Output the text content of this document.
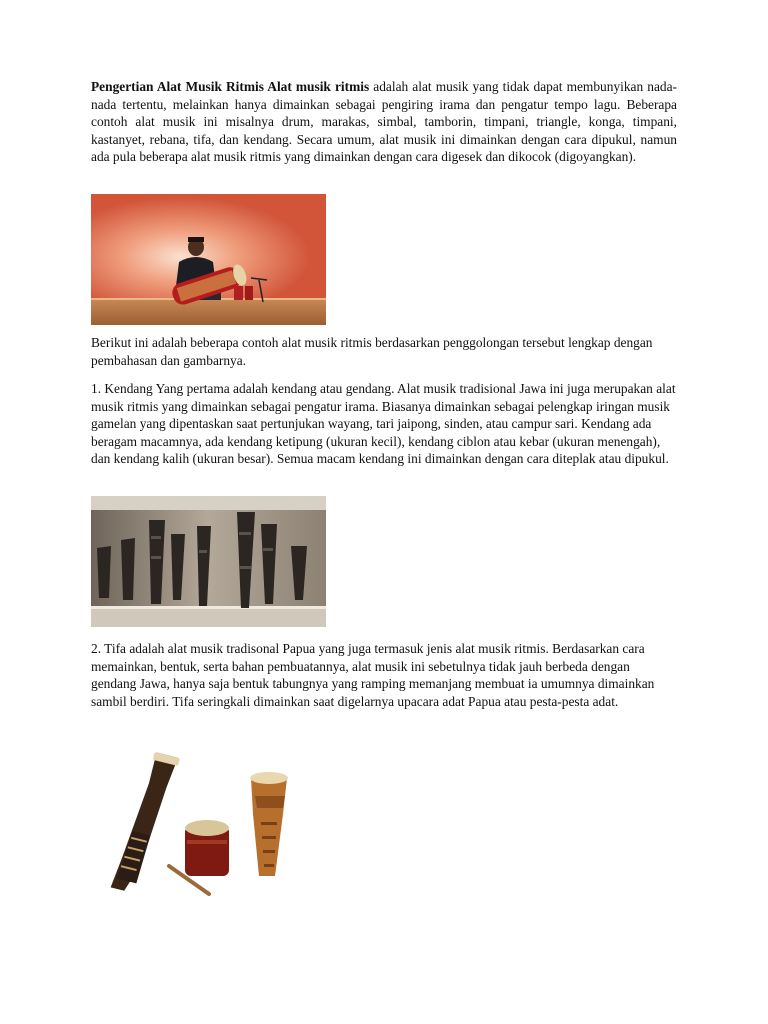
Pengertian Alat Musik Ritmis Alat musik ritmis adalah alat musik yang tidak dapat membunyikan nada-nada tertentu, melainkan hanya dimainkan sebagai pengiring irama dan pengatur tempo lagu. Beberapa contoh alat musik ini misalnya drum, marakas, simbal, tamborin, timpani, triangle, konga, timpani, kastanyet, rebana, tifa, dan kendang. Secara umum, alat musik ini dimainkan dengan cara dipukul, namun ada pula beberapa alat musik ritmis yang dimainkan dengan cara digesek dan dikocok (digoyangkan).

Berikut ini adalah beberapa contoh alat musik ritmis berdasarkan penggolongan tersebut lengkap dengan pembahasan dan gambarnya.

1. Kendang Yang pertama adalah kendang atau gendang. Alat musik tradisional Jawa ini juga merupakan alat musik ritmis yang dimainkan sebagai pengatur irama. Biasanya dimainkan sebagai pelengkap iringan musik gamelan yang dipentaskan saat pertunjukan wayang, tari jaipong, sinden, atau campur sari. Kendang ada beragam macamnya, ada kendang ketipung (ukuran kecil), kendang ciblon atau kebar (ukuran menengah), dan kendang kalih (ukuran besar). Semua macam kendang ini dimainkan dengan cara diteplak atau dipukul.

2. Tifa adalah alat musik tradisonal Papua yang juga termasuk jenis alat musik ritmis. Berdasarkan cara memainkan, bentuk, serta bahan pembuatannya, alat musik ini sebetulnya tidak jauh berbeda dengan gendang Jawa, hanya saja bentuk tabungnya yang ramping memanjang membuat ia umumnya dimainkan sambil berdiri. Tifa seringkali dimainkan saat digelarnya upacara adat Papua atau pesta-pesta adat.
